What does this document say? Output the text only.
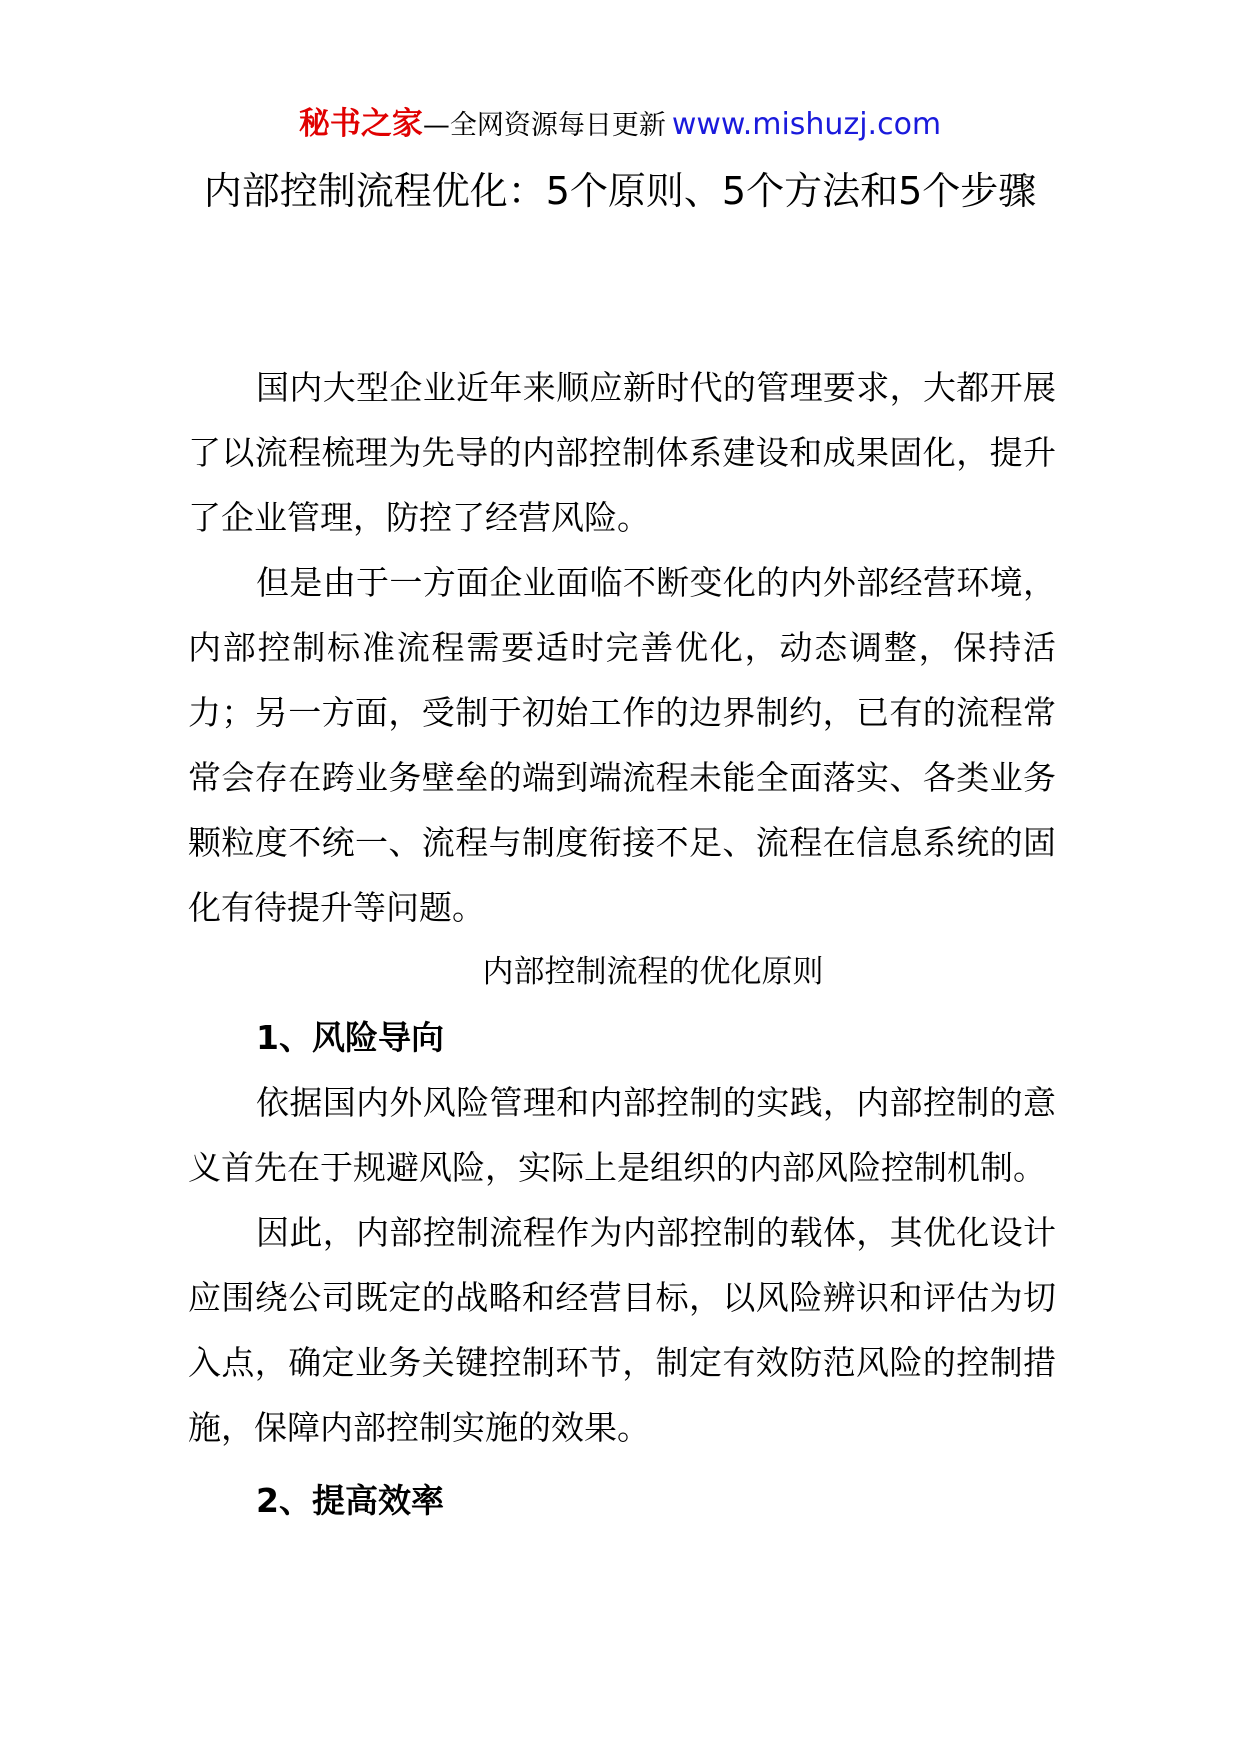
秘书之家—全网资源每日更新 www.mishuzj.com
内部控制流程优化：5个原则、5个方法和5个步骤

国内大型企业近年来顺应新时代的管理要求，大都开展了以流程梳理为先导的内部控制体系建设和成果固化，提升了企业管理，防控了经营风险。

但是由于一方面企业面临不断变化的内外部经营环境，内部控制标准流程需要适时完善优化，动态调整，保持活力；另一方面，受制于初始工作的边界制约，已有的流程常常会存在跨业务壁垒的端到端流程未能全面落实、各类业务颗粒度不统一、流程与制度衔接不足、流程在信息系统的固化有待提升等问题。

内部控制流程的优化原则

1、风险导向

依据国内外风险管理和内部控制的实践，内部控制的意义首先在于规避风险，实际上是组织的内部风险控制机制。

因此，内部控制流程作为内部控制的载体，其优化设计应围绕公司既定的战略和经营目标，以风险辨识和评估为切入点，确定业务关键控制环节，制定有效防范风险的控制措施，保障内部控制实施的效果。

2、提高效率
